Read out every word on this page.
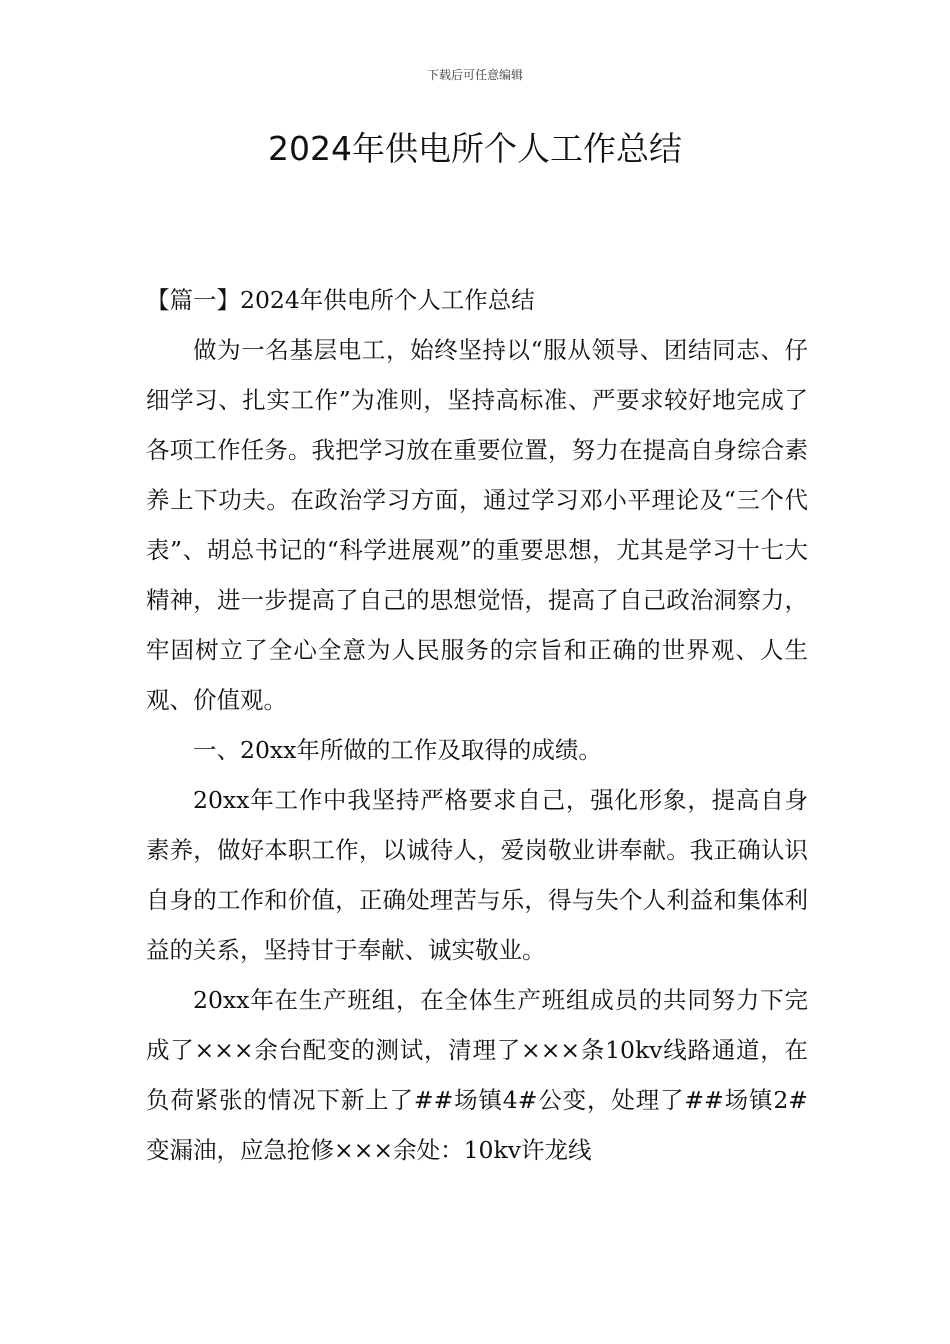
下载后可任意编辑
2024年供电所个人工作总结

【篇一】2024年供电所个人工作总结

做为一名基层电工，始终坚持以“服从领导、团结同志、仔细学习、扎实工作”为准则，坚持高标准、严要求较好地完成了各项工作任务。我把学习放在重要位置，努力在提高自身综合素养上下功夫。在政治学习方面，通过学习邓小平理论及“三个代表”、胡总书记的“科学进展观”的重要思想，尤其是学习十七大精神，进一步提高了自己的思想觉悟，提高了自己政治洞察力，牢固树立了全心全意为人民服务的宗旨和正确的世界观、人生观、价值观。

一、20xx年所做的工作及取得的成绩。

20xx年工作中我坚持严格要求自己，强化形象，提高自身素养，做好本职工作，以诚待人，爱岗敬业讲奉献。我正确认识自身的工作和价值，正确处理苦与乐，得与失个人利益和集体利益的关系，坚持甘于奉献、诚实敬业。

20xx年在生产班组，在全体生产班组成员的共同努力下完成了×××余台配变的测试，清理了×××条10kv线路通道，在负荷紧张的情况下新上了##场镇4#公变，处理了##场镇2#变漏油，应急抢修×××余处：10kv许龙线
